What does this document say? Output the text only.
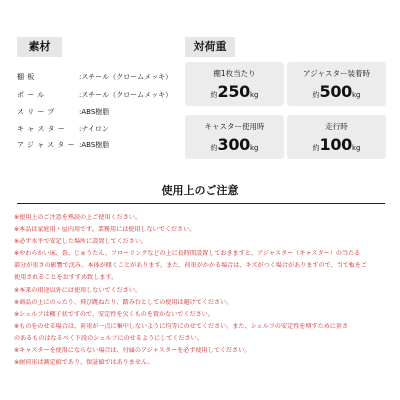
素材	対荷重
棚板	:スチール（クロームメッキ）
ポール	:スチール（クロームメッキ）
スリーブ	:ABS樹脂
キャスター	:ナイロン
アジャスター :ABS樹脂
棚1枚当たり
約250kg
アジャスター装着時
約500kg
キャスター使用時
約300kg
走行時
約100kg
使用上のご注意
※使用上のご注意を熟読の上ご使用ください。
※本品は家庭用・屋内用です。業務用には使用しないでください。
※必ず水平で安定した場所に設置してください。
※やわらかい床、畳、じゅうたん、フローリングなどの上に長時間設置しておきますと、アジャスター（キャスター）の当たる
部分が重さの影響で沈み、本体が傾くことがあります。また、荷重がかかる場合は、キズがつく場合がありますので、当て板をご
使用されることをおすすめ致します。
※本来の用途以外には使用しないでください。
※商品の上にのったり、飛び跳ねたり、踏み台としての使用は避けてください。
※シェルフは棚子状ですので、安定性を欠くものを置かないでください。
※ものをのせる場合は、荷重が一点に集中しないように均等にのせてください。また、シェルフの安定性を増すために重さ
のあるものはなるべく下段のシェルフにのせるようにしてください。
※キャスターを使用にならない場合は、付属のアジャスターを必ず使用してください。
※耐荷重は測定値であり、保証値ではありません。
